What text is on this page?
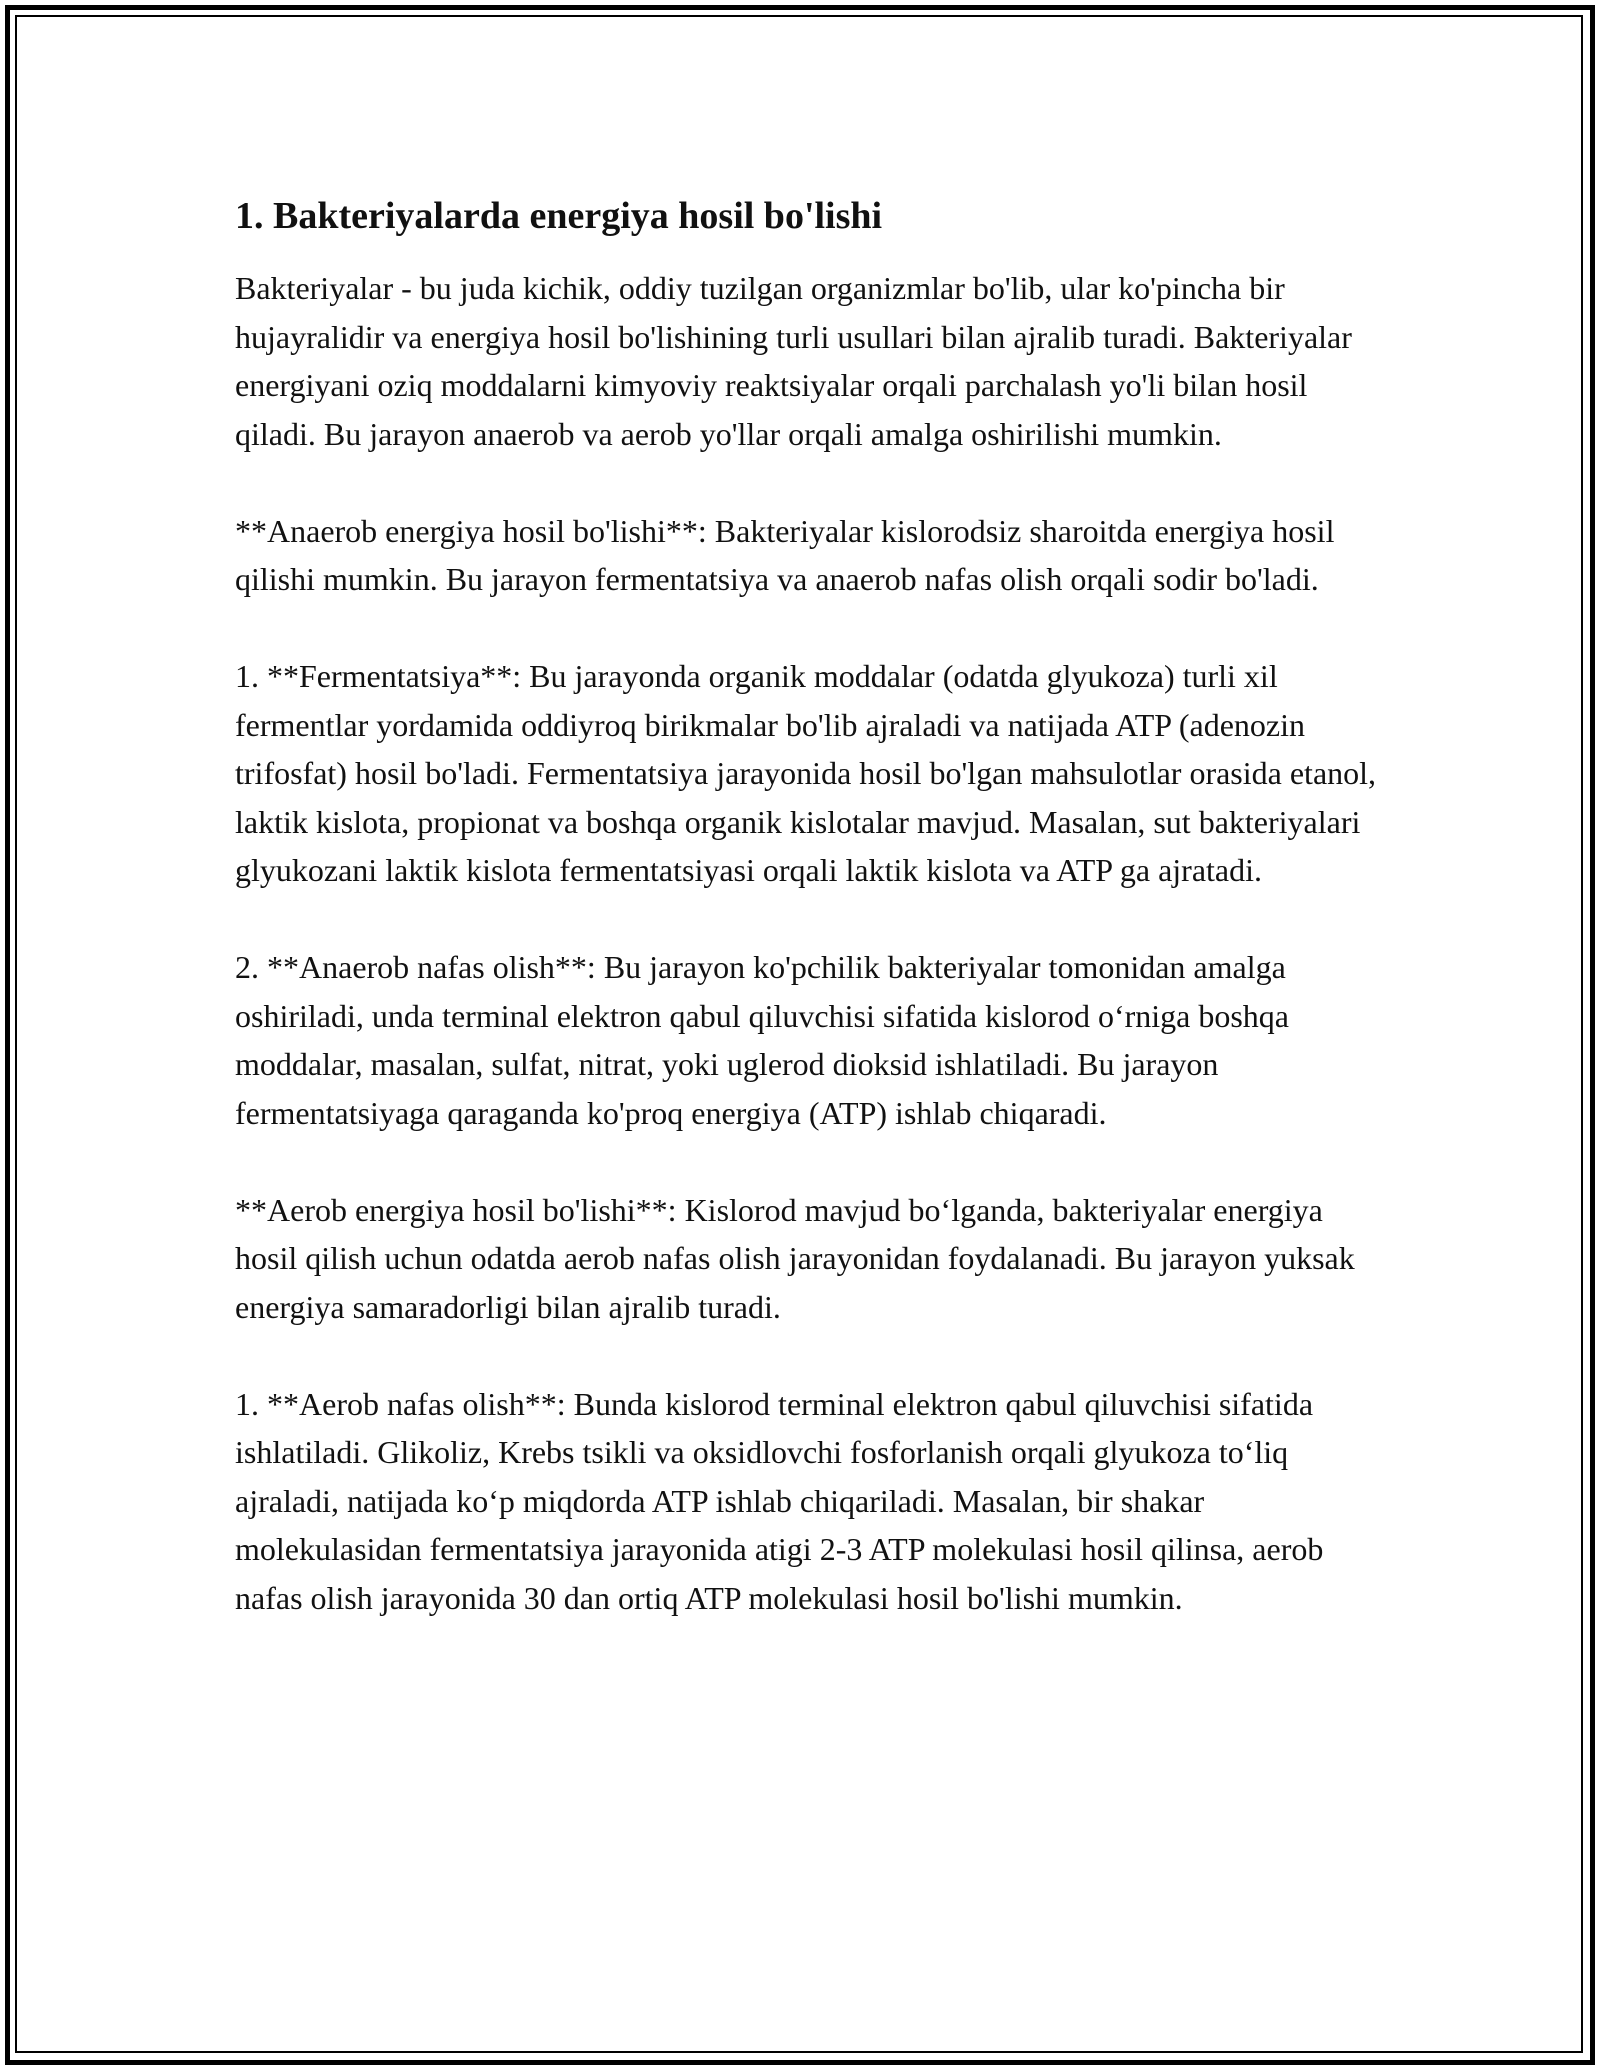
1. Bakteriyalarda energiya hosil bo'lishi

Bakteriyalar - bu juda kichik, oddiy tuzilgan organizmlar bo'lib, ular ko'pincha bir hujayralidir va energiya hosil bo'lishining turli usullari bilan ajralib turadi. Bakteriyalar energiyani oziq moddalarni kimyoviy reaktsiyalar orqali parchalash yo'li bilan hosil qiladi. Bu jarayon anaerob va aerob yo'llar orqali amalga oshirilishi mumkin.

**Anaerob energiya hosil bo'lishi**: Bakteriyalar kislorodsiz sharoitda energiya hosil qilishi mumkin. Bu jarayon fermentatsiya va anaerob nafas olish orqali sodir bo'ladi.

1. **Fermentatsiya**: Bu jarayonda organik moddalar (odatda glyukoza) turli xil fermentlar yordamida oddiyroq birikmalar bo'lib ajraladi va natijada ATP (adenozin trifosfat) hosil bo'ladi. Fermentatsiya jarayonida hosil bo'lgan mahsulotlar orasida etanol, laktik kislota, propionat va boshqa organik kislotalar mavjud. Masalan, sut bakteriyalari glyukozani laktik kislota fermentatsiyasi orqali laktik kislota va ATP ga ajratadi.

2. **Anaerob nafas olish**: Bu jarayon ko'pchilik bakteriyalar tomonidan amalga oshiriladi, unda terminal elektron qabul qiluvchisi sifatida kislorod o‘rniga boshqa moddalar, masalan, sulfat, nitrat, yoki uglerod dioksid ishlatiladi. Bu jarayon fermentatsiyaga qaraganda ko'proq energiya (ATP) ishlab chiqaradi.

**Aerob energiya hosil bo'lishi**: Kislorod mavjud bo‘lganda, bakteriyalar energiya hosil qilish uchun odatda aerob nafas olish jarayonidan foydalanadi. Bu jarayon yuksak energiya samaradorligi bilan ajralib turadi.

1. **Aerob nafas olish**: Bunda kislorod terminal elektron qabul qiluvchisi sifatida ishlatiladi. Glikoliz, Krebs tsikli va oksidlovchi fosforlanish orqali glyukoza to‘liq ajraladi, natijada ko‘p miqdorda ATP ishlab chiqariladi. Masalan, bir shakar molekulasidan fermentatsiya jarayonida atigi 2-3 ATP molekulasi hosil qilinsa, aerob nafas olish jarayonida 30 dan ortiq ATP molekulasi hosil bo'lishi mumkin.
